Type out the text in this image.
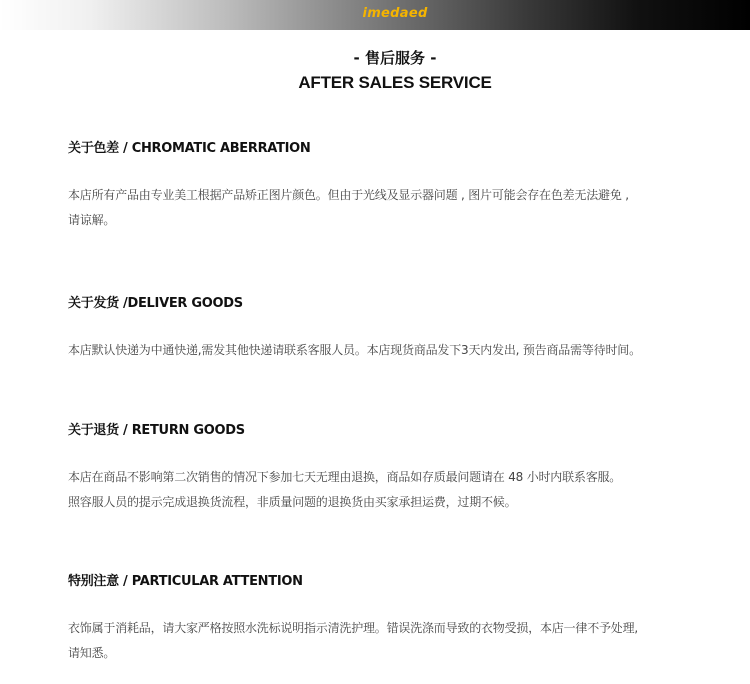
imedaed
- 售后服务 -
AFTER SALES SERVICE
关于色差 / CHROMATIC ABERRATION
本店所有产品由专业美工根据产品矫正图片颜色。但由于光线及显示器问题 , 图片可能会存在色差无法避免 ,
请谅解。
关于发货 /DELIVER GOODS
本店默认快递为中通快递,需发其他快递请联系客服人员。本店现货商品发下3天内发出, 预告商品需等待时间。
关于退货 / RETURN GOODS
本店在商品不影响第二次销售的情况下参加七天无理由退换，商品如存质最问题请在 48 小时内联系客服。
照容服人员的提示完成退换货流程，非质量问题的退换货由买家承担运费，过期不候。
特别注意 / PARTICULAR ATTENTION
衣饰属于消耗品，请大家严格按照水洗标说明指示清洗护理。错误洗涤而导致的衣物受损，本店一律不予处理,
请知悉。
